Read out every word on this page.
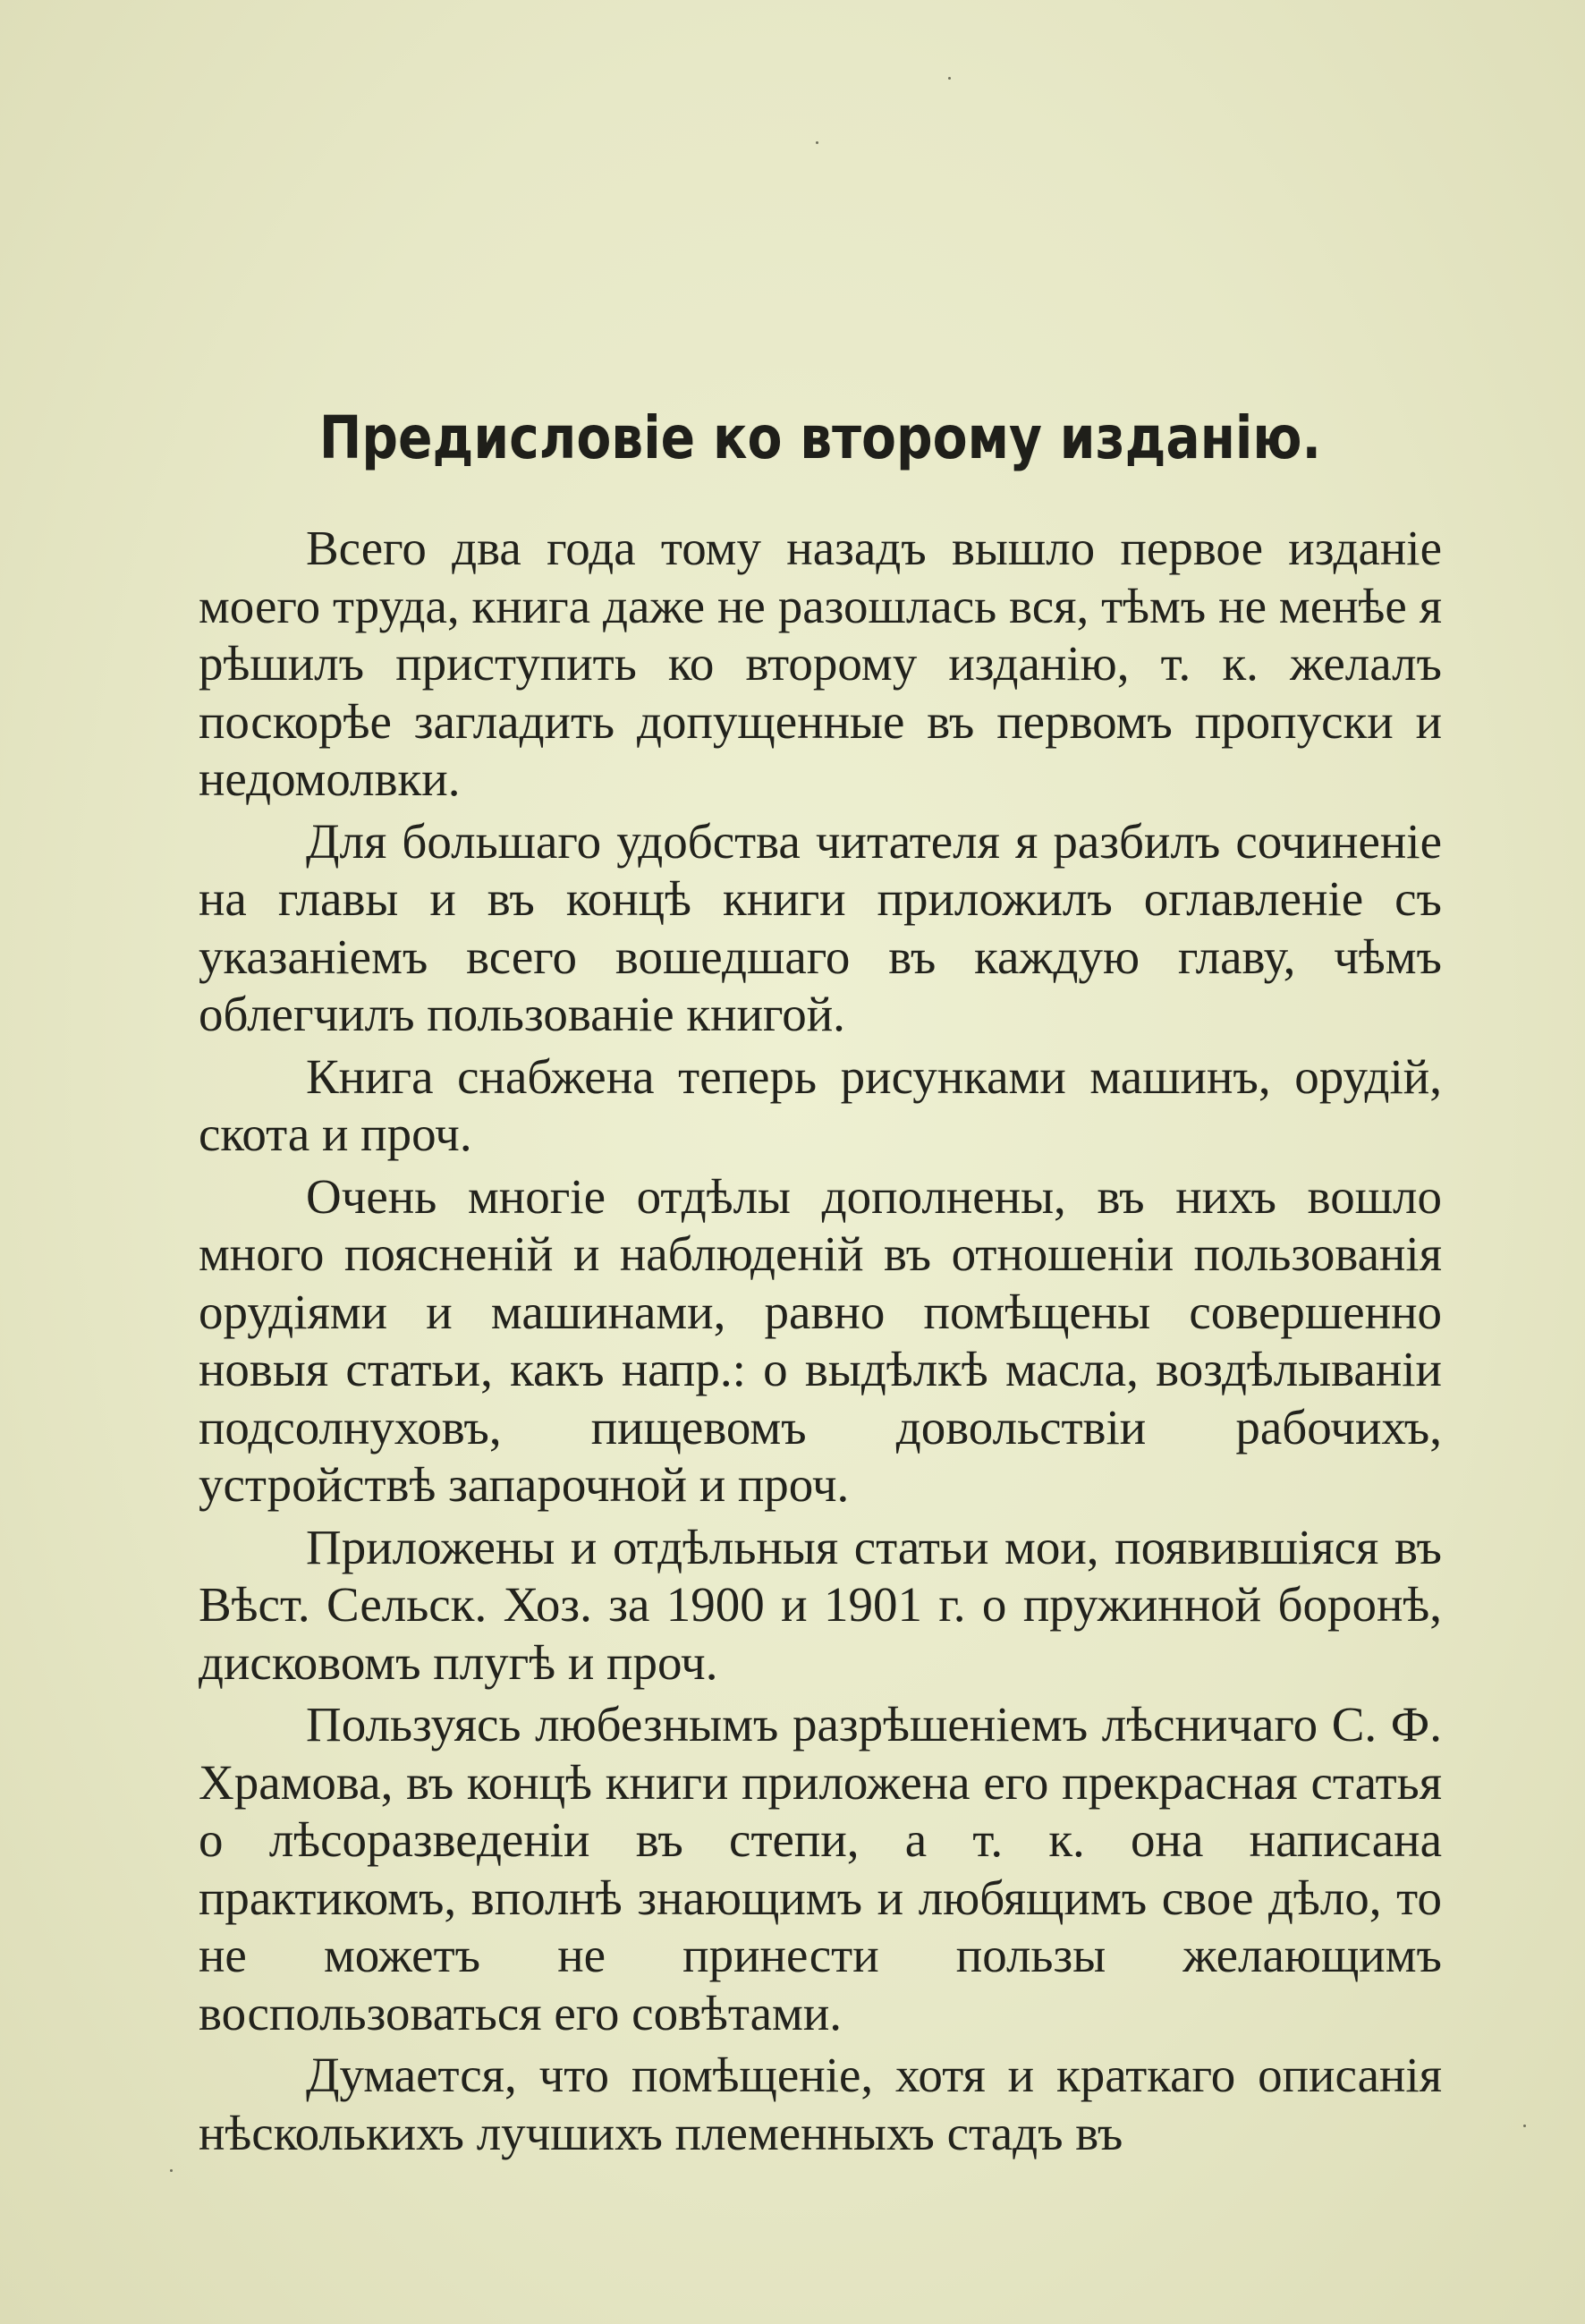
Предисловіе ко второму изданію.

Всего два года тому назадъ вышло первое изданіе моего труда, книга даже не разошлась вся, тѣмъ не менѣе я рѣшилъ приступить ко второму изданію, т. к. желалъ поскорѣе загладить допущенные въ первомъ пропуски и недомолвки.

Для большаго удобства читателя я разбилъ сочиненіе на главы и въ концѣ книги приложилъ оглавленіе съ указаніемъ всего вошедшаго въ каждую главу, чѣмъ облегчилъ пользованіе книгой.

Книга снабжена теперь рисунками машинъ, орудій, скота и проч.

Очень многіе отдѣлы дополнены, въ нихъ вошло много поясненій и наблюденій въ отношеніи пользованія орудіями и машинами, равно помѣщены совершенно новыя статьи, какъ напр.: о выдѣлкѣ масла, воздѣлываніи подсолнуховъ, пищевомъ довольствіи рабочихъ, устройствѣ запарочной и проч.

Приложены и отдѣльныя статьи мои, появившіяся въ Вѣст. Сельск. Хоз. за 1900 и 1901 г. о пружинной боронѣ, дисковомъ плугѣ и проч.

Пользуясь любезнымъ разрѣшеніемъ лѣсничаго С. Ф. Храмова, въ концѣ книги приложена его прекрасная статья о лѣсоразведеніи въ степи, а т. к. она написана практикомъ, вполнѣ знающимъ и любящимъ свое дѣло, то не можетъ не принести пользы желающимъ воспользоваться его совѣтами.

Думается, что помѣщеніе, хотя и краткаго описанія нѣсколькихъ лучшихъ племенныхъ стадъ въ
